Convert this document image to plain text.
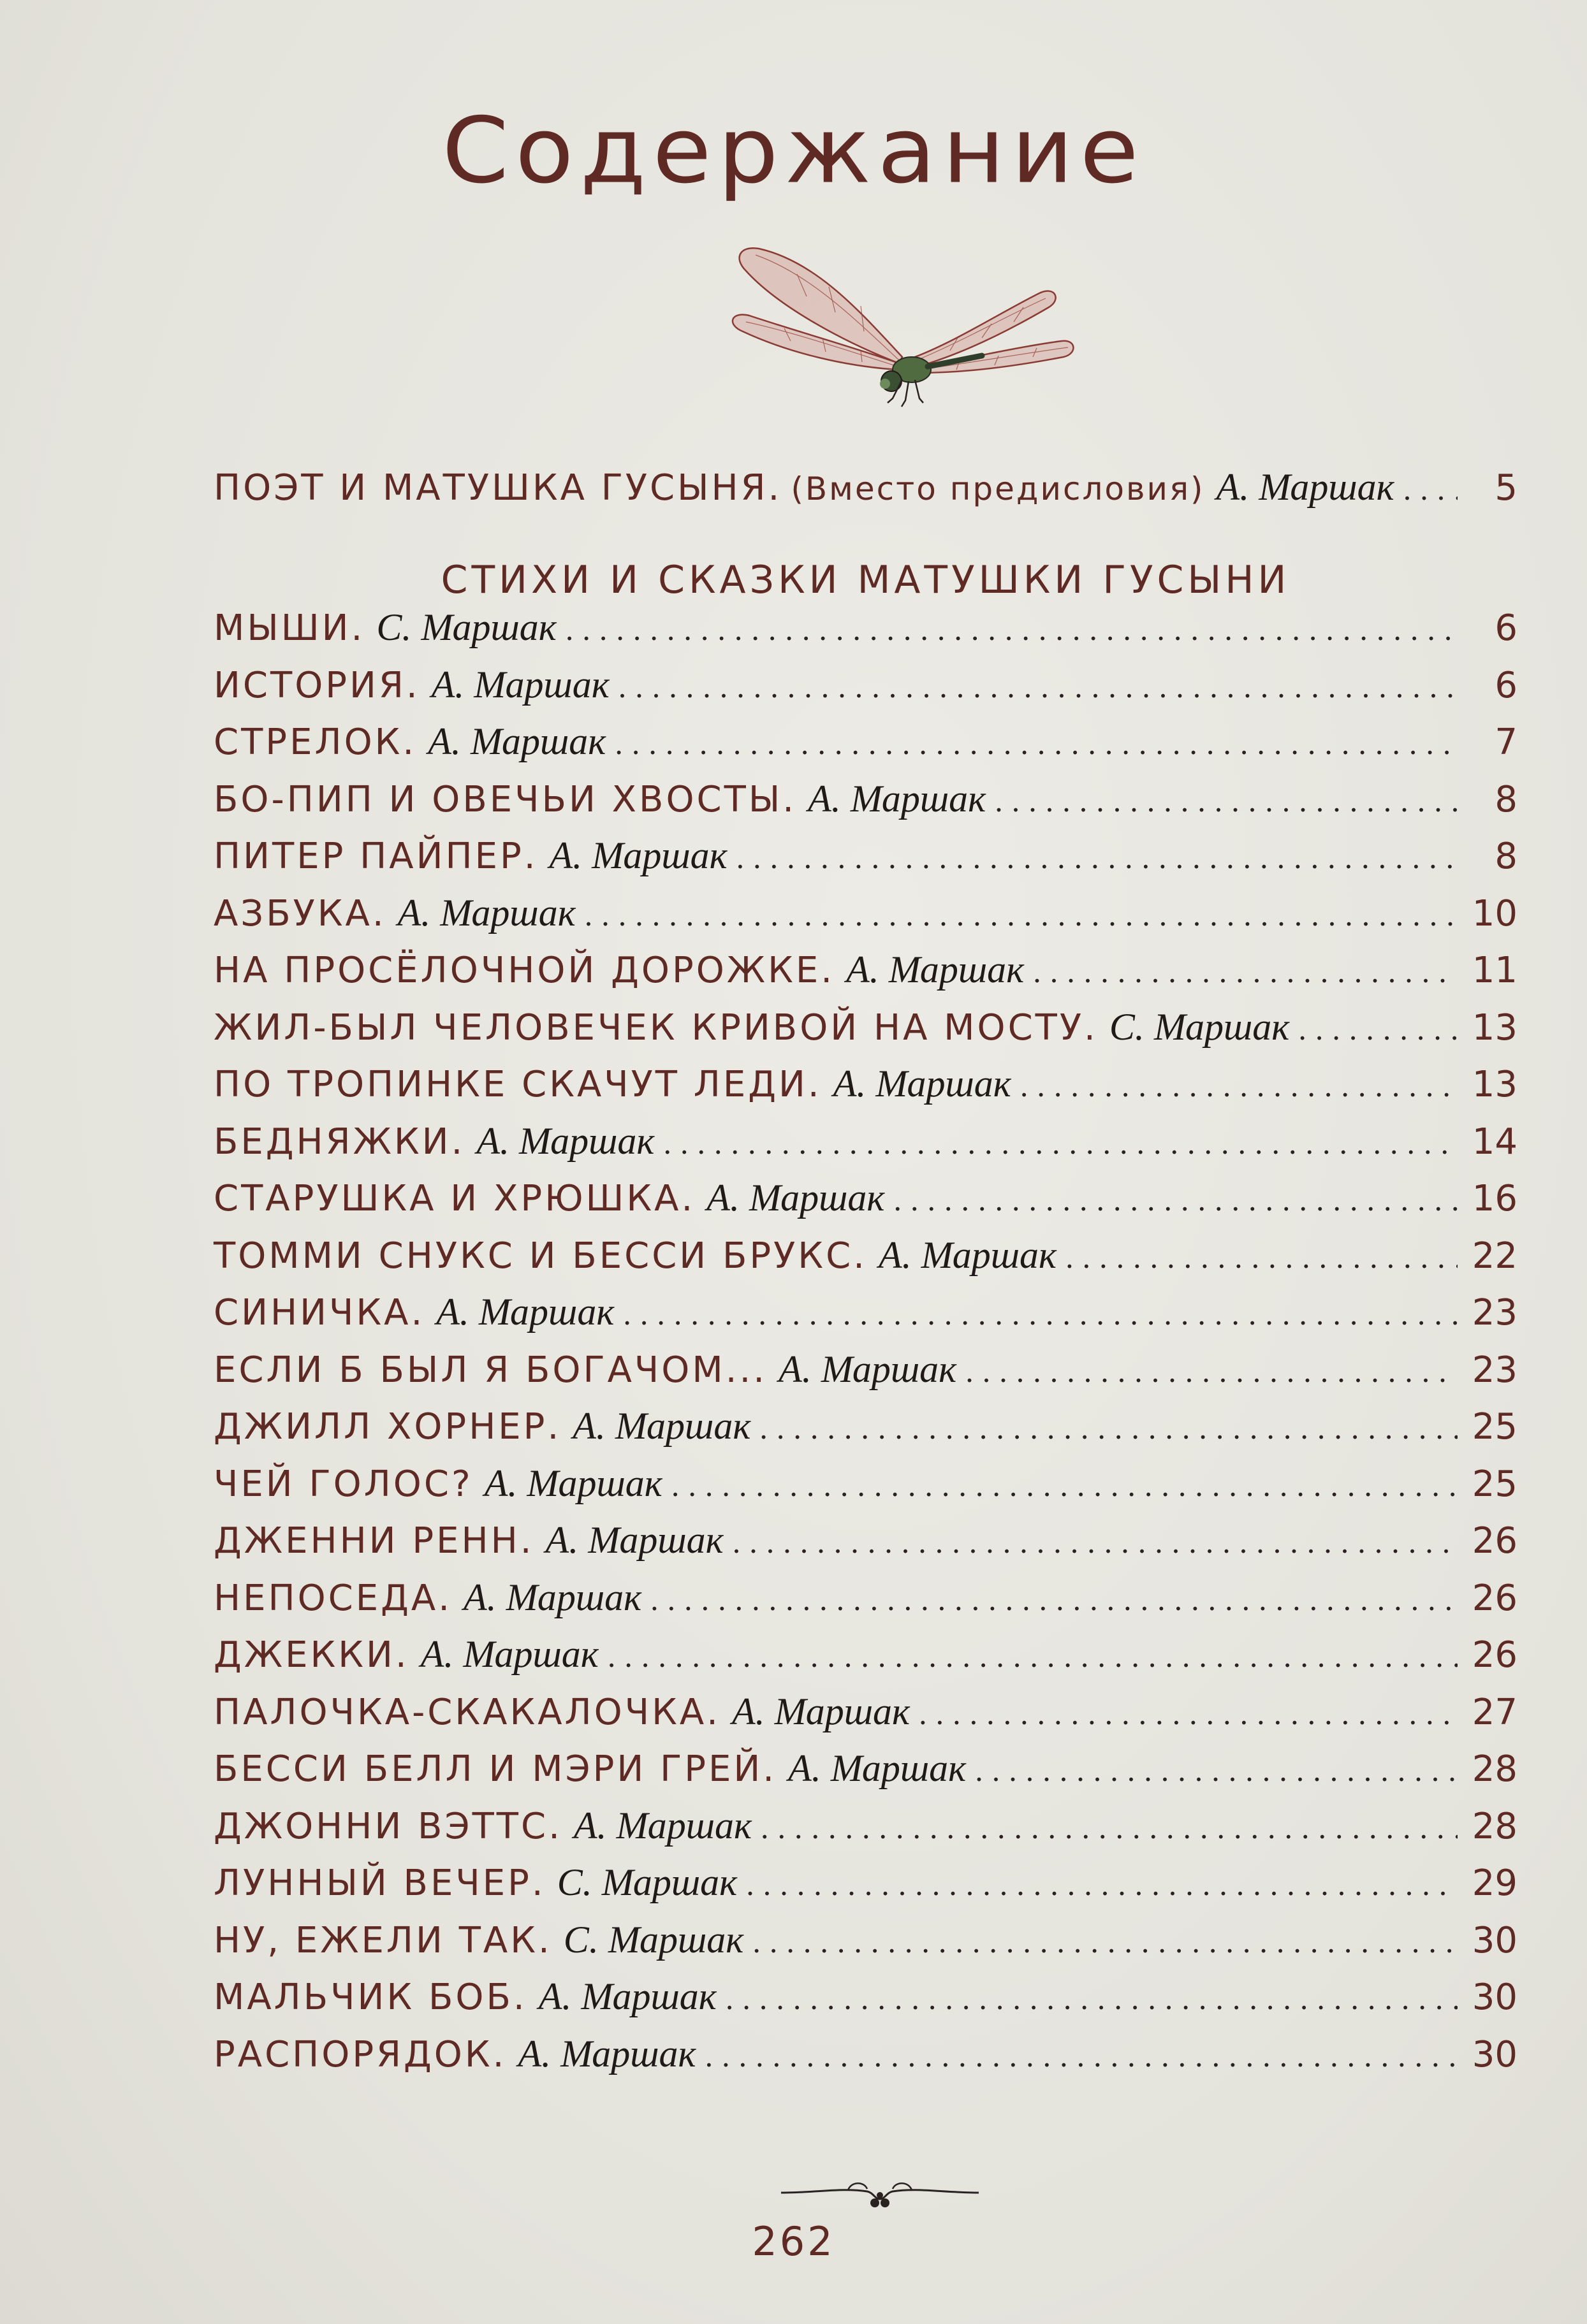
Содержание
ПОЭТ И МАТУШКА ГУСЫНЯ. (Вместо предисловия) А. Маршак .....	5
СТИХИ И СКАЗКИ МАТУШКИ ГУСЫНИ
МЫШИ. С. Маршак .....	6
ИСТОРИЯ. А. Маршак .....	6
СТРЕЛОК. А. Маршак .....	7
БО-ПИП И ОВЕЧЬИ ХВОСТЫ. А. Маршак .....	8
ПИТЕР ПАЙПЕР. А. Маршак .....	8
АЗБУКА. А. Маршак .....	10
НА ПРОСЁЛОЧНОЙ ДОРОЖКЕ. А. Маршак .....	11
ЖИЛ-БЫЛ ЧЕЛОВЕЧЕК КРИВОЙ НА МОСТУ. С. Маршак .....	13
ПО ТРОПИНКЕ СКАЧУТ ЛЕДИ. А. Маршак .....	13
БЕДНЯЖКИ. А. Маршак .....	14
СТАРУШКА И ХРЮШКА. А. Маршак .....	16
ТОММИ СНУКС И БЕССИ БРУКС. А. Маршак .....	22
СИНИЧКА. А. Маршак .....	23
ЕСЛИ Б БЫЛ Я БОГАЧОМ... А. Маршак .....	23
ДЖИЛЛ ХОРНЕР. А. Маршак .....	25
ЧЕЙ ГОЛОС? А. Маршак .....	25
ДЖЕННИ РЕНН. А. Маршак .....	26
НЕПОСЕДА. А. Маршак .....	26
ДЖЕККИ. А. Маршак .....	26
ПАЛОЧКА-СКАКАЛОЧКА. А. Маршак .....	27
БЕССИ БЕЛЛ И МЭРИ ГРЕЙ. А. Маршак .....	28
ДЖОННИ ВЭТТС. А. Маршак .....	28
ЛУННЫЙ ВЕЧЕР. С. Маршак .....	29
НУ, ЕЖЕЛИ ТАК. С. Маршак .....	30
МАЛЬЧИК БОБ. А. Маршак .....	30
РАСПОРЯДОК. А. Маршак .....	30
262
